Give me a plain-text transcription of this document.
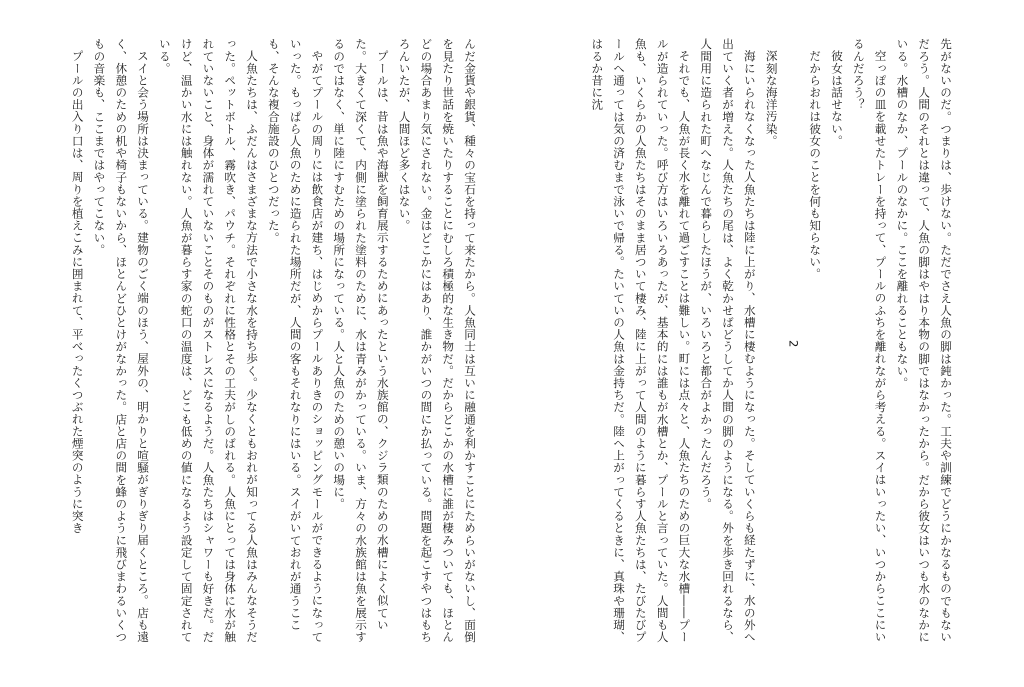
先がないのだ。つまりは、歩けない。ただでさえ人魚の脚は鈍かった。工夫や訓練でどうにかなるものでもないだろう。人間のそれとは違って、人魚の脚はやはり本物の脚ではなかったから。だから彼女はいつも水のなかにいる。水槽のなか、プールのなかに。ここを離れることもない。

空っぽの皿を載せたトレーを持って、プールのふちを離れながら考える。スイはいったい、いつからここにいるんだろう？

彼女は話せない。

だからおれは彼女のことを何も知らない。

2

深刻な海洋汚染。

海にいられなくなった人魚たちは陸に上がり、水槽に棲むようになった。そしていくらも経たずに、水の外へ出ていく者が増えた。人魚たちの尾は、よく乾かせばどうしてか人間の脚のようになる。外を歩き回れるなら、人間用に造られた町へなじんで暮らしたほうが、いろいろと都合がよかったんだろう。

それでも、人魚が長く水を離れて過ごすことは難しい。町には点々と、人魚たちのための巨大な水槽――プールが造られていった。呼び方はいろいろあったが、基本的には誰もが水槽とか、プールと言っていた。人間も人魚も、いくらかの人魚たちはそのまま居ついて棲み、陸に上がって人間のように暮らす人魚たちは、たびたびプールへ通っては気の済むまで泳いで帰る。たいていの人魚は金持ちだ。陸へ上がってくるときに、真珠や珊瑚、はるか昔に沈

んだ金貨や銀貨、種々の宝石を持って来たから。人魚同士は互いに融通を利かすことにためらいがないし、面倒を見たり世話を焼いたりすることにむしろ積極的な生き物だ。だからどこかの水槽に誰が棲みついても、ほとんどの場合あまり気にされない。金はどこかにはあり、誰かがいつの間にか払っている。問題を起こすやつはもちろんいたが、人間ほど多くはない。

プールは、昔は魚や海獣を飼育展示するためにあったという水族館の、クジラ類のための水槽によく似ていた。大きくて深くて、内側に塗られた塗料のために、水は青みがかっている。いま、方々の水族館は魚を展示するのではなく、単に陸にすむための場所になっている。人と人魚のための憩いの場に。

やがてプールの周りには飲食店が建ち、はじめからプールありきのショッピングモールができるようになっていった。もっぱら人魚のために造られた場所だが、人間の客もそれなりにはいる。スイがいておれが通うここも、そんな複合施設のひとつだった。

人魚たちは、ふだんはさまざまな方法で小さな水を持ち歩く。少なくともおれが知ってる人魚はみんなそうだった。ペットボトル、霧吹き、パウチ。それぞれに性格とその工夫がしのばれる。人魚にとっては身体に水が触れていないこと、身体が濡れていないことそのものがストレスになるようだ。人魚たちはシャワーも好きだ。だけど、温かい水には触れない。人魚が暮らす家の蛇口の温度は、どこも低めの値になるよう設定して固定されている。

スイと会う場所は決まっている。建物のごく端のほう、屋外の、明かりと喧騒がぎりぎり届くところ。店も遠く、休憩のための机や椅子もないから、ほとんどひとけがなかった。店と店の間を蜂のように飛びまわるいくつもの音楽も、ここまではやってこない。

プールの出入り口は、周りを植えこみに囲まれて、平べったくつぶれた煙突のように突き
